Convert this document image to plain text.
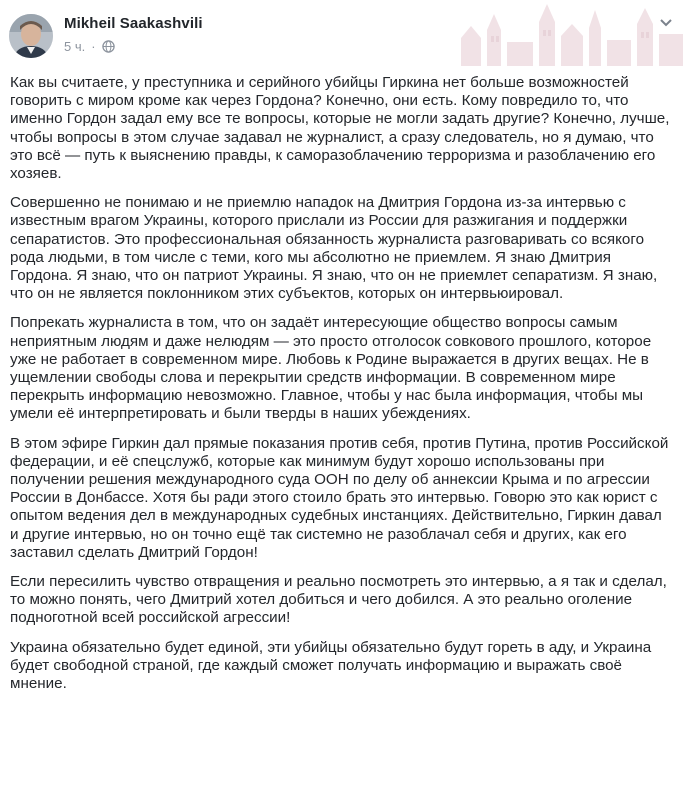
Mikheil Saakashvili
5 ч. ·

Как вы считаете, у преступника и серийного убийцы Гиркина нет больше возможностей говорить с миром кроме как через Гордона? Конечно, они есть. Кому повредило то, что именно Гордон задал ему все те вопросы, которые не могли задать другие? Конечно, лучше, чтобы вопросы в этом случае задавал не журналист, а сразу следователь, но я думаю, что это всё — путь к выяснению правды, к саморазоблачению терроризма и разоблачению его хозяев.

Совершенно не понимаю и не приемлю нападок на Дмитрия Гордона из-за интервью с известным врагом Украины, которого прислали из России для разжигания и поддержки сепаратистов. Это профессиональная обязанность журналиста разговаривать со всякого рода людьми, в том числе с теми, кого мы абсолютно не приемлем. Я знаю Дмитрия Гордона. Я знаю, что он патриот Украины. Я знаю, что он не приемлет сепаратизм. Я знаю, что он не является поклонником этих субъектов, которых он интервьюировал.

Попрекать журналиста в том, что он задаёт интересующие общество вопросы самым неприятным людям и даже нелюдям — это просто отголосок совкового прошлого, которое уже не работает в современном мире. Любовь к Родине выражается в других вещах. Не в ущемлении свободы слова и перекрытии средств информации. В современном мире перекрыть информацию невозможно. Главное, чтобы у нас была информация, чтобы мы умели её интерпретировать и были тверды в наших убеждениях.

В этом эфире Гиркин дал прямые показания против себя, против Путина, против Российской федерации, и её спецслужб, которые как минимум будут хорошо использованы при получении решения международного суда ООН по делу об аннексии Крыма и по агрессии России в Донбассе. Хотя бы ради этого стоило брать это интервью. Говорю это как юрист с опытом ведения дел в международных судебных инстанциях. Действительно, Гиркин давал и другие интервью, но он точно ещё так системно не разоблачал себя и других, как его заставил сделать Дмитрий Гордон!

Если пересилить чувство отвращения и реально посмотреть это интервью, а я так и сделал, то можно понять, чего Дмитрий хотел добиться и чего добился. А это реально оголение подноготной всей российской агрессии!

Украина обязательно будет единой, эти убийцы обязательно будут гореть в аду, и Украина будет свободной страной, где каждый сможет получать информацию и выражать своё мнение.
